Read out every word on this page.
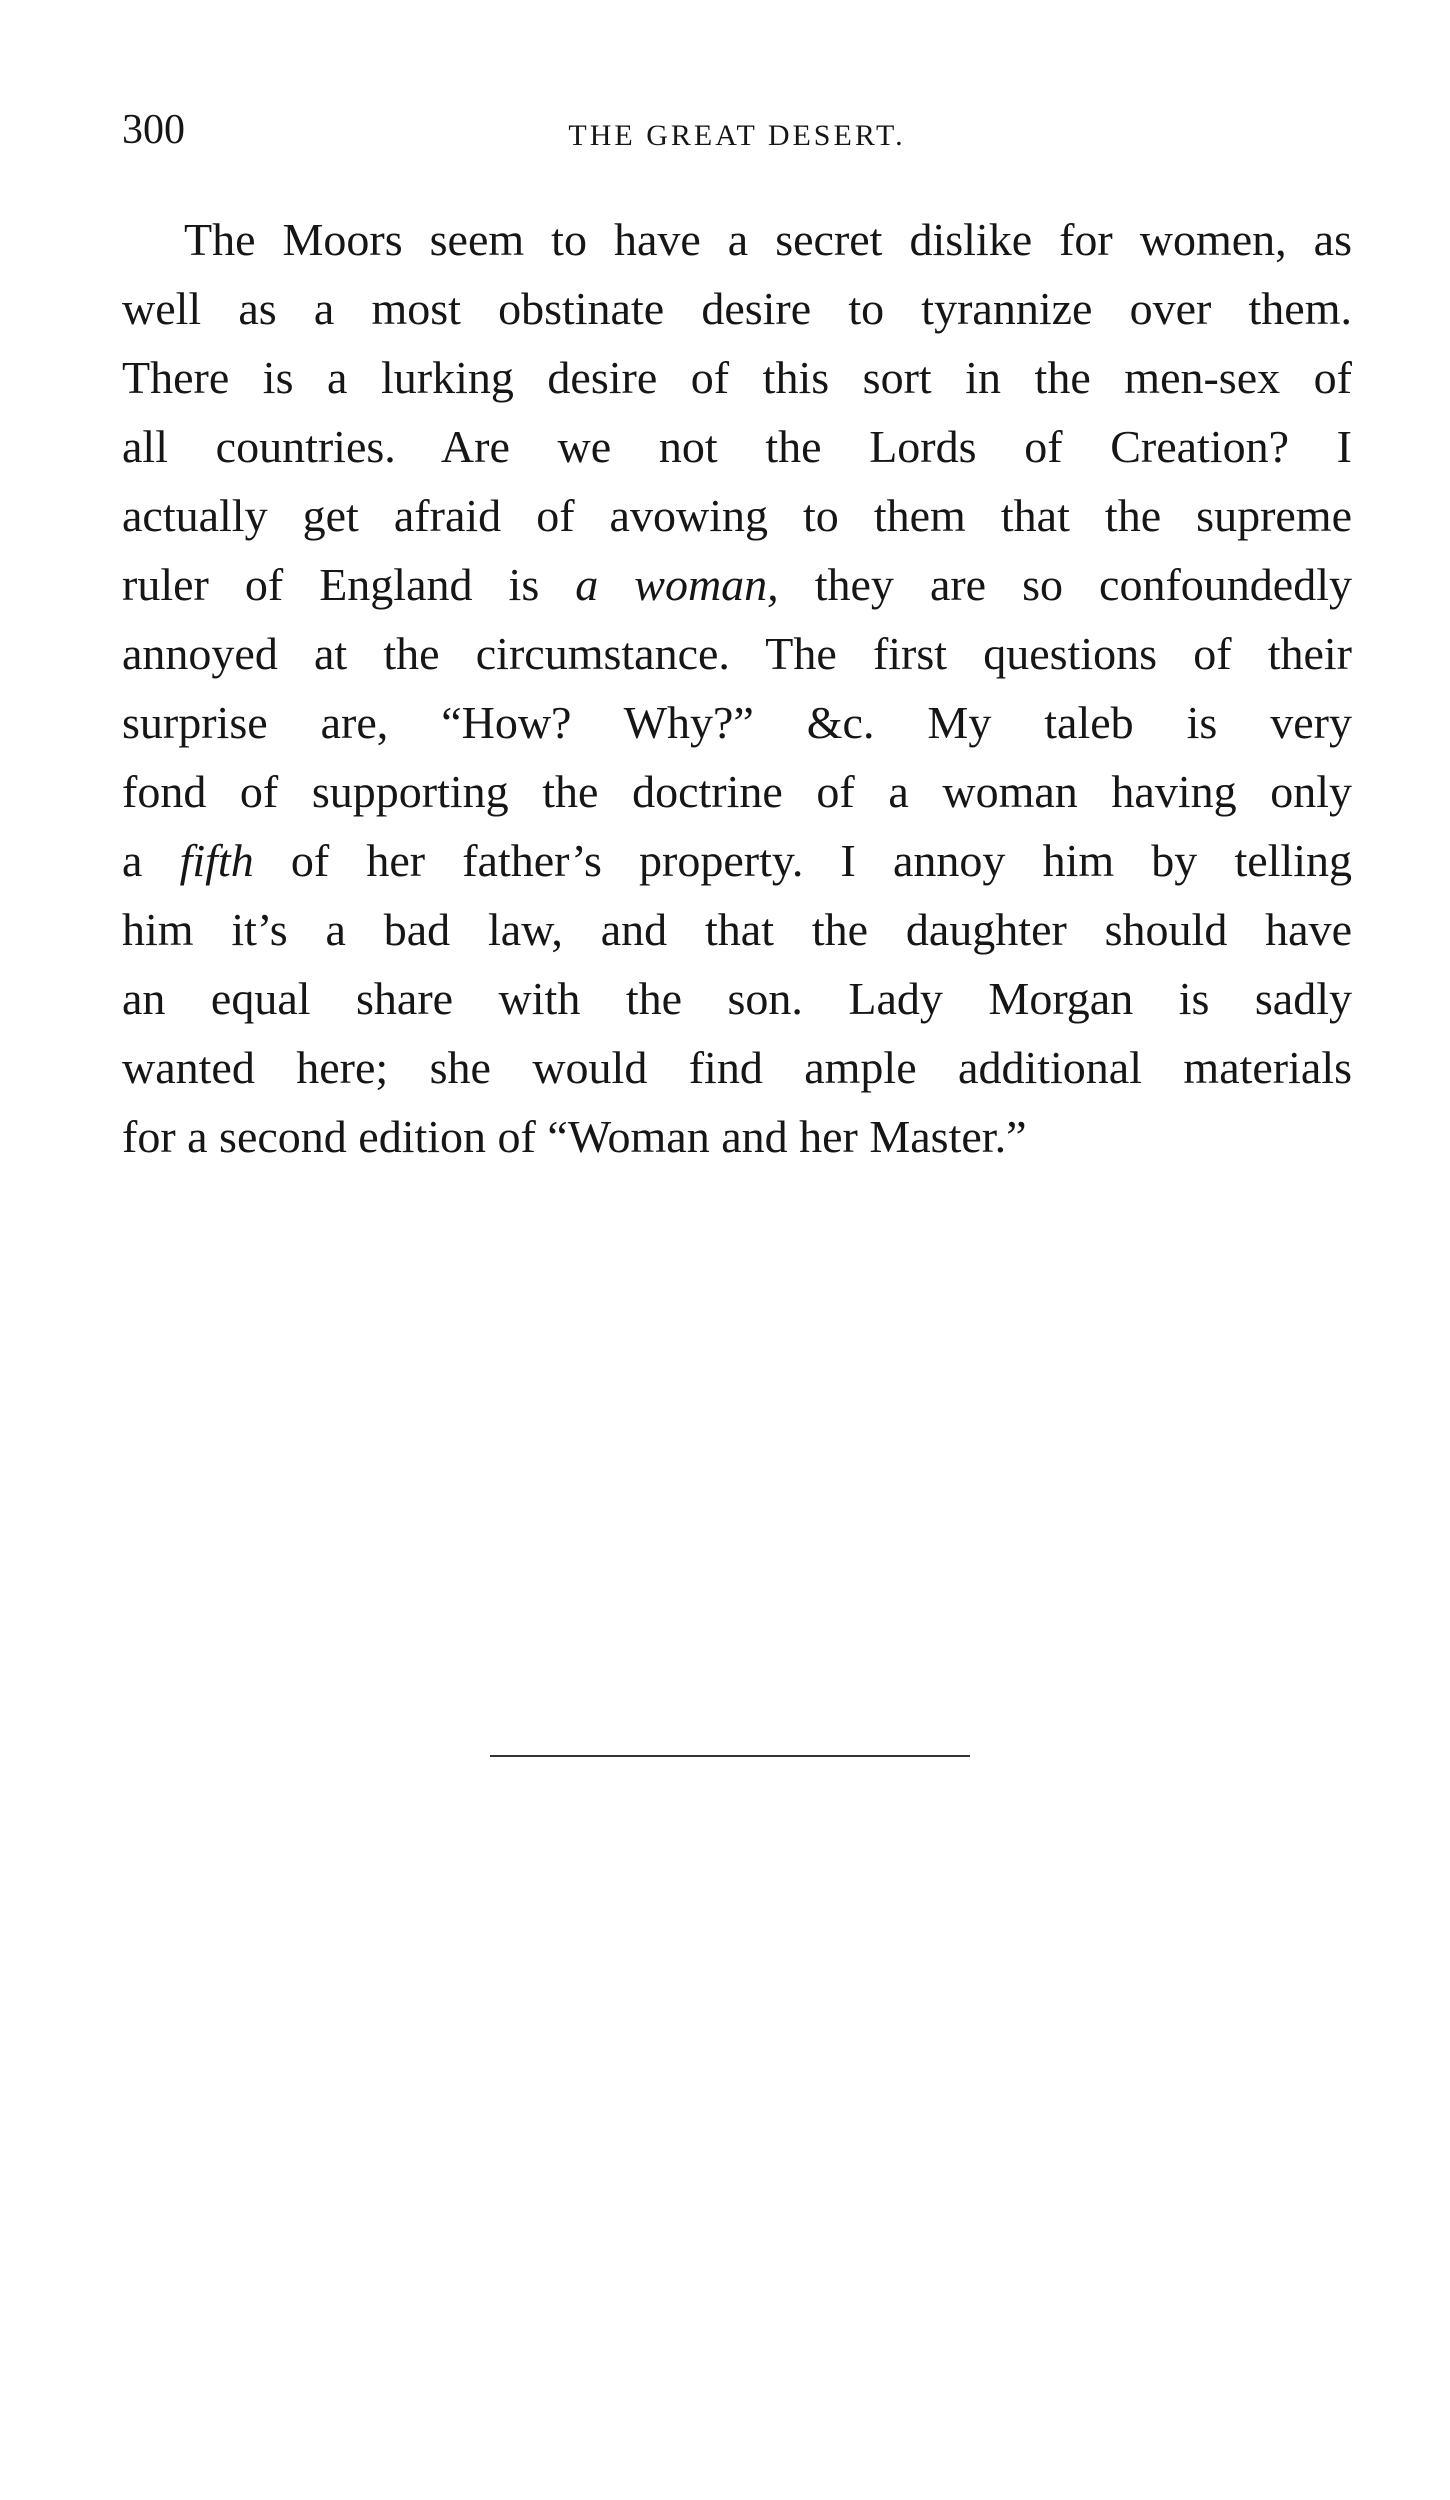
300	THE GREAT DESERT.
The Moors seem to have a secret dislike for women, as
well as a most obstinate desire to tyrannize over them.
There is a lurking desire of this sort in the men-sex of
all countries. Are we not the Lords of Creation? I
actually get afraid of avowing to them that the supreme
ruler of England is a woman, they are so confoundedly
annoyed at the circumstance. The first questions of their
surprise are, “How? Why?” &c. My taleb is very
fond of supporting the doctrine of a woman having only
a fifth of her father’s property. I annoy him by telling
him it’s a bad law, and that the daughter should have
an equal share with the son. Lady Morgan is sadly
wanted here; she would find ample additional materials
for a second edition of “Woman and her Master.”
